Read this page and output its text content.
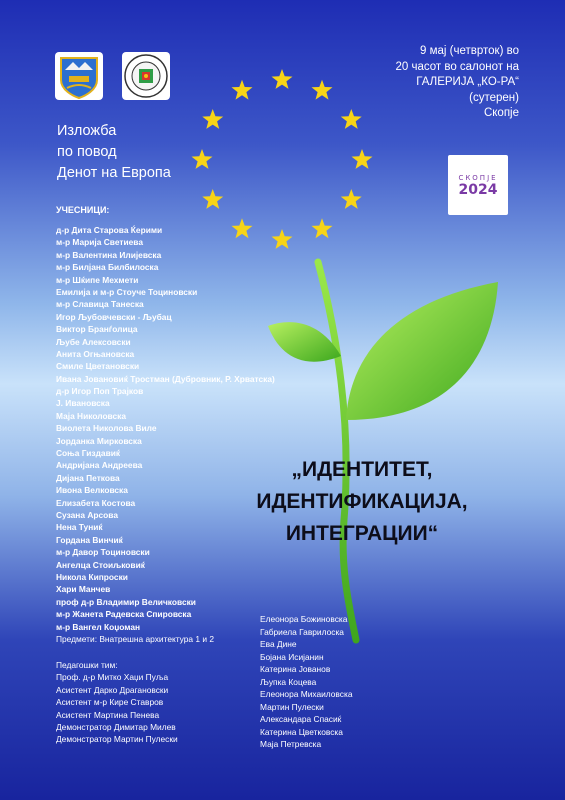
СКОПЈЕ
2024
9 мај (четврток) во
20 часот во салонот на
ГАЛЕРИЈА „КО-РА“
(сутерен)
Скопје
Изложба
по повод
Денот на Европа
УЧЕСНИЦИ:
д-р Дита Старова Ќерими
м-р Марија Светиева
м-р Валентина Илијевска
м-р Билјана Билбилоска
м-р Шќипе Мехмети
Емилија и м-р Стоуче Тоциновски
м-р Славица Танеска
Игор Љубовчевски - Љубац
Виктор Бранѓолица
Љубе Алексовски
Анита Огњановска
Смиле Цветановски
Ивана Јовановиќ Тростман (Дубровник, Р. Хрватска)
д-р Игор Поп Трајков
Ј. Ивановска
Маја Николовска
Виолета Николова Виле
Јорданка Мирковска
Соња Гиздавиќ
Андријана Андреева
Дијана Петкова
Ивона Велковска
Елизабета Костова
Сузана Арсова
Нена Туниќ
Гордана Винчиќ
м-р Давор Тоциновски
Ангелца Стоиљковиќ
Никола Кипроски
Хари Манчев
проф д-р Владимир Величковски
м-р Жанета Радевска Спировска
м-р Вангел Коџоман
Предмети: Внатрешна архитектура 1 и 2
Педагошки тим:
Проф. д-р Митко Хаџи Пуља
Асистент Дарко Драгановски
Асистент м-р Кире Ставров
Асистент Мартина Пенева
Демонстратор Димитар Милев
Демонстратор Мартин Пулески
„ИДЕНТИТЕТ,
ИДЕНТИФИКАЦИЈА,
ИНТЕГРАЦИИ“
Елеонора Божиновска
Габриела Гаврилоска
Ева Дине
Бојана Исијанин
Катерина Јованов
Љупка Коцева
Елеонора Михаиловска
Мартин Пулески
Александара Спасиќ
Катерина Цветковска
Маја Петревска
